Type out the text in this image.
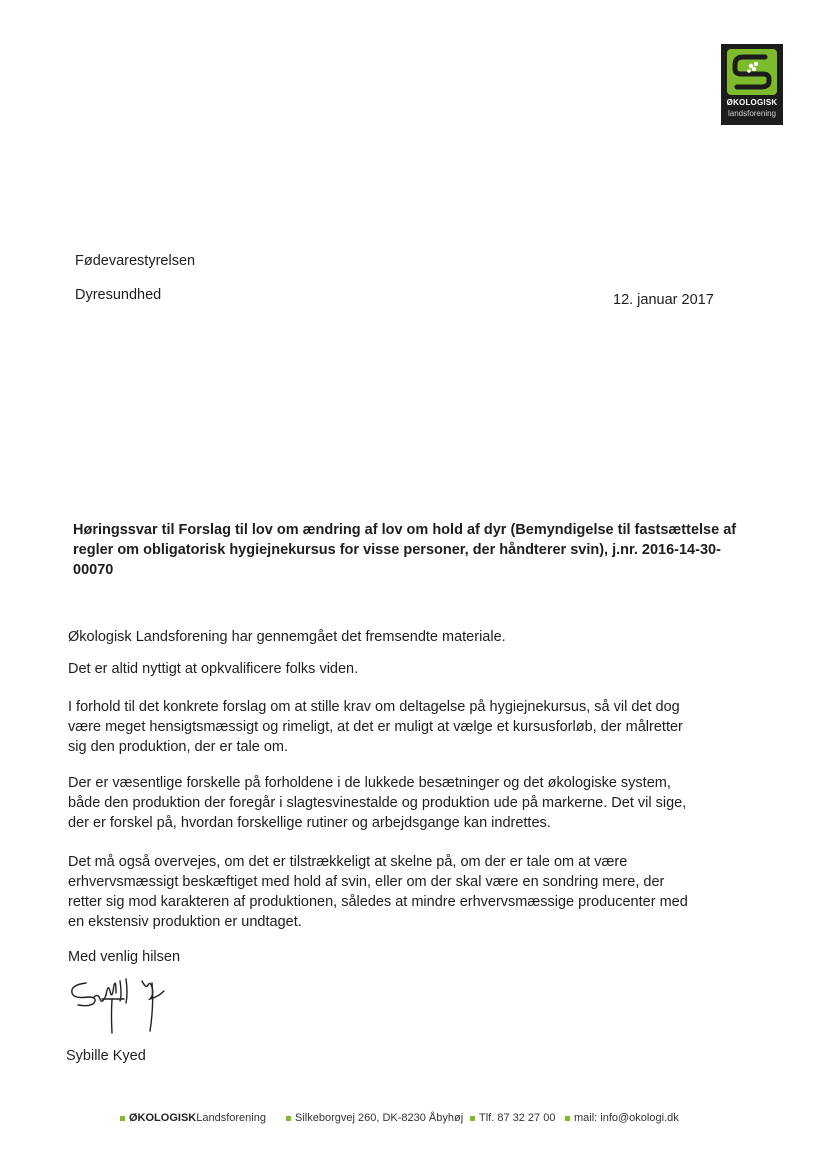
ØKOLOGISK
landsforening
Fødevarestyrelsen
Dyresundhed	12. januar 2017
Høringssvar til Forslag til lov om ændring af lov om hold af dyr (Bemyndigelse til fastsættelse af
regler om obligatorisk hygiejnekursus for visse personer, der håndterer svin), j.nr. 2016-14-30-
00070
Økologisk Landsforening har gennemgået det fremsendte materiale.
Det er altid nyttigt at opkvalificere folks viden.
I forhold til det konkrete forslag om at stille krav om deltagelse på hygiejnekursus, så vil det dog
være meget hensigtsmæssigt og rimeligt, at det er muligt at vælge et kursusforløb, der målretter
sig den produktion, der er tale om.
Der er væsentlige forskelle på forholdene i de lukkede besætninger og det økologiske system,
både den produktion der foregår i slagtesvinestalde og produktion ude på markerne. Det vil sige,
der er forskel på, hvordan forskellige rutiner og arbejdsgange kan indrettes.
Det må også overvejes, om det er tilstrækkeligt at skelne på, om der er tale om at være
erhvervsmæssigt beskæftiget med hold af svin, eller om der skal være en sondring mere, der
retter sig mod karakteren af produktionen, således at mindre erhvervsmæssige producenter med
en ekstensiv produktion er undtaget.
Med venlig hilsen
Sybille Kyed
ØKOLOGISKLandsforening	Silkeborgvej 260, DK-8230 Åbyhøj	Tlf. 87 32 27 00	mail: info@okologi.dk
